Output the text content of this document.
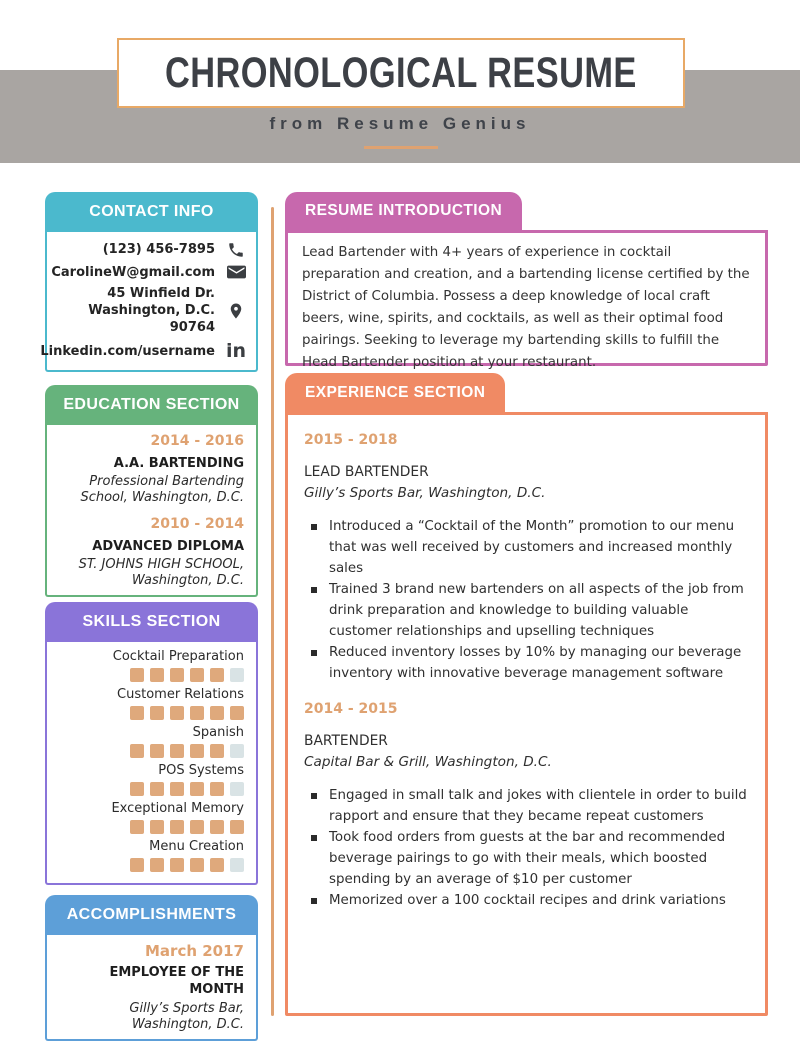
CHRONOLOGICAL RESUME
from Resume Genius
CONTACT INFO
(123) 456-7895
CarolineW@gmail.com
45 Winfield Dr.
Washington, D.C. 90764
Linkedin.com/username in
EDUCATION SECTION
2014 - 2016
A.A. BARTENDING
Professional Bartending School, Washington, D.C.
2010 - 2014
ADVANCED DIPLOMA
ST. JOHNS HIGH SCHOOL, Washington, D.C.
SKILLS SECTION
Cocktail Preparation
Customer Relations
Spanish
POS Systems
Exceptional Memory
Menu Creation
ACCOMPLISHMENTS
March 2017
EMPLOYEE OF THE MONTH
Gilly’s Sports Bar, Washington, D.C.
RESUME INTRODUCTION
Lead Bartender with 4+ years of experience in cocktail preparation and creation, and a bartending license certified by the District of Columbia. Possess a deep knowledge of local craft beers, wine, spirits, and cocktails, as well as their optimal food pairings. Seeking to leverage my bartending skills to fulfill the Head Bartender position at your restaurant.
EXPERIENCE SECTION
2015 - 2018
LEAD BARTENDER
Gilly’s Sports Bar, Washington, D.C.
Introduced a “Cocktail of the Month” promotion to our menu that was well received by customers and increased monthly sales
Trained 3 brand new bartenders on all aspects of the job from drink preparation and knowledge to building valuable customer relationships and upselling techniques
Reduced inventory losses by 10% by managing our beverage inventory with innovative beverage management software
2014 - 2015
BARTENDER
Capital Bar & Grill, Washington, D.C.
Engaged in small talk and jokes with clientele in order to build rapport and ensure that they became repeat customers
Took food orders from guests at the bar and recommended beverage pairings to go with their meals, which boosted spending by an average of $10 per customer
Memorized over a 100 cocktail recipes and drink variations
